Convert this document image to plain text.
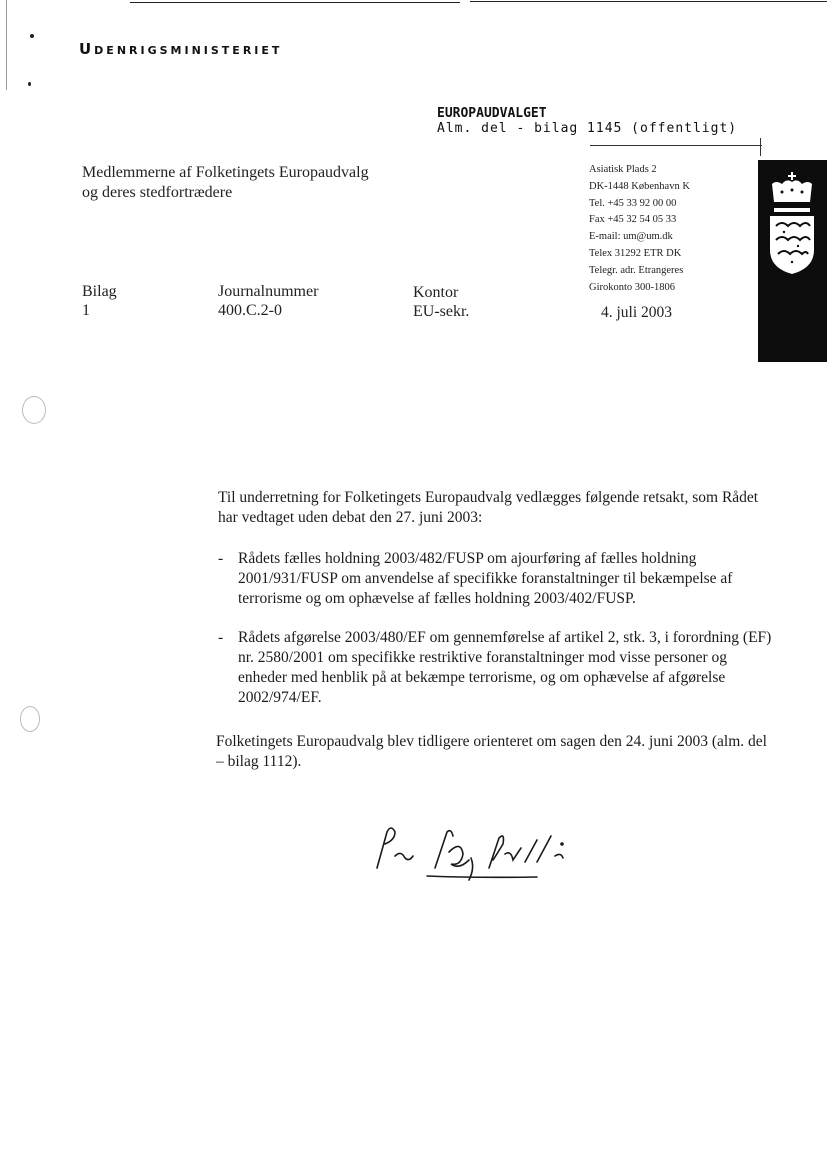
Udenrigsministeriet
EUROPAUDVALGET
Alm. del - bilag 1145 (offentligt)
Medlemmerne af Folketingets Europaudvalg
og deres stedfortrædere
Asiatisk Plads 2
DK-1448 København K
Tel. +45 33 92 00 00
Fax +45 32 54 05 33
E-mail: um@um.dk
Telex 31292 ETR DK
Telegr. adr. Etrangeres
Girokonto 300-1806
Bilag
1
Journalnummer
400.C.2-0
Kontor
EU-sekr.	4. juli 2003
Til underretning for Folketingets Europaudvalg vedlægges følgende retsakt, som Rådet har vedtaget uden debat den 27. juni 2003:
- Rådets fælles holdning 2003/482/FUSP om ajourføring af fælles holdning 2001/931/FUSP om anvendelse af specifikke foranstaltninger til bekæmpelse af terrorisme og om ophævelse af fælles holdning 2003/402/FUSP.
- Rådets afgørelse 2003/480/EF om gennemførelse af artikel 2, stk. 3, i forordning (EF) nr. 2580/2001 om specifikke restriktive foranstaltninger mod visse personer og enheder med henblik på at bekæmpe terrorisme, og om ophævelse af afgørelse 2002/974/EF.
Folketingets Europaudvalg blev tidligere orienteret om sagen den 24. juni 2003 (alm. del – bilag 1112).
